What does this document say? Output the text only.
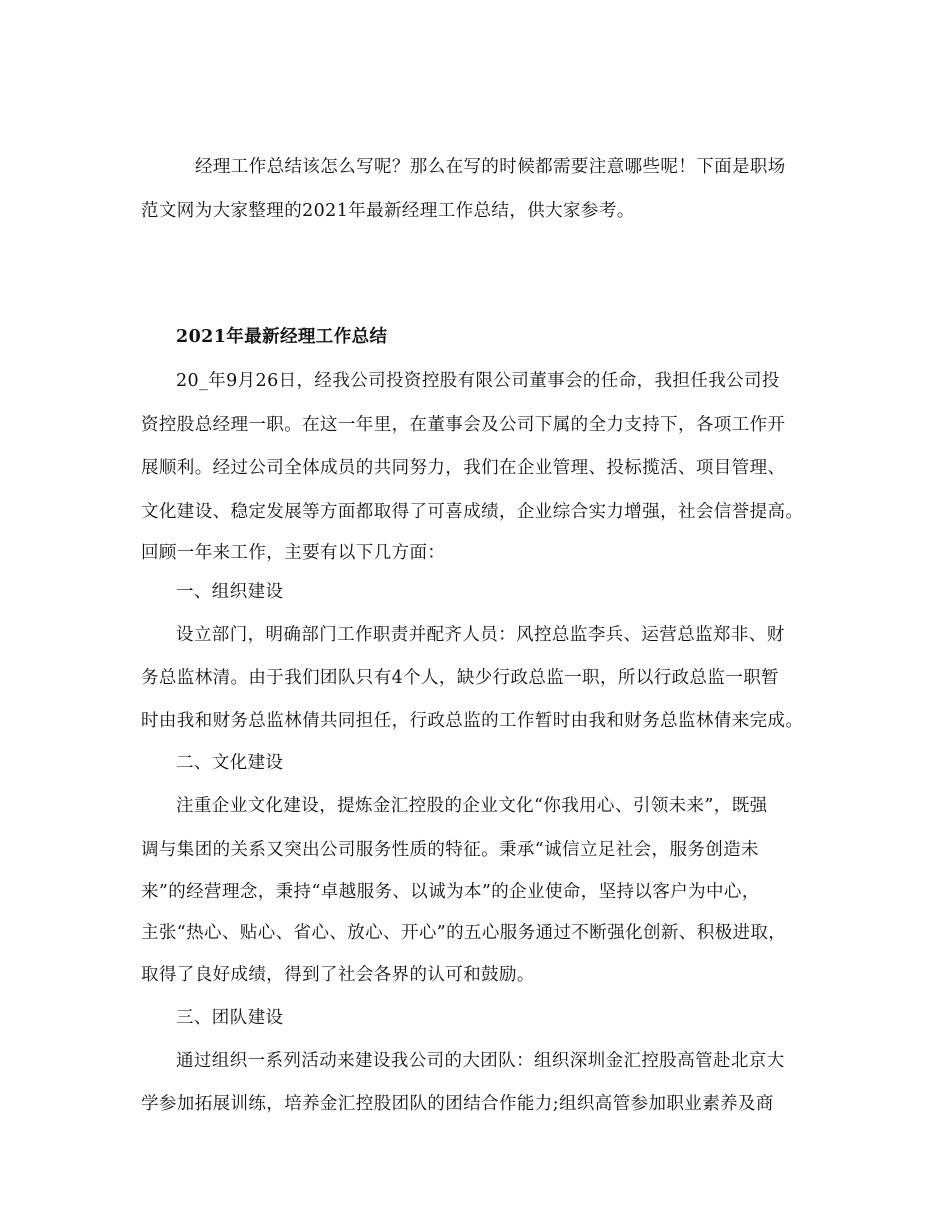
经理工作总结该怎么写呢？那么在写的时候都需要注意哪些呢！下面是职场
范文网为大家整理的2021年最新经理工作总结，供大家参考。
2021年最新经理工作总结
20_年9月26日，经我公司投资控股有限公司董事会的任命，我担任我公司投
资控股总经理一职。在这一年里，在董事会及公司下属的全力支持下，各项工作开
展顺利。经过公司全体成员的共同努力，我们在企业管理、投标揽活、项目管理、
文化建设、稳定发展等方面都取得了可喜成绩，企业综合实力增强，社会信誉提高。
回顾一年来工作，主要有以下几方面：
一、组织建设
设立部门，明确部门工作职责并配齐人员：风控总监李兵、运营总监郑非、财
务总监林清。由于我们团队只有4个人，缺少行政总监一职，所以行政总监一职暂
时由我和财务总监林倩共同担任，行政总监的工作暂时由我和财务总监林倩来完成。
二、文化建设
注重企业文化建设，提炼金汇控股的企业文化“你我用心、引领未来”，既强
调与集团的关系又突出公司服务性质的特征。秉承“诚信立足社会，服务创造未
来”的经营理念，秉持“卓越服务、以诚为本”的企业使命，坚持以客户为中心，
主张“热心、贴心、省心、放心、开心”的五心服务通过不断强化创新、积极进取，
取得了良好成绩，得到了社会各界的认可和鼓励。
三、团队建设
通过组织一系列活动来建设我公司的大团队：组织深圳金汇控股高管赴北京大
学参加拓展训练，培养金汇控股团队的团结合作能力;组织高管参加职业素养及商
